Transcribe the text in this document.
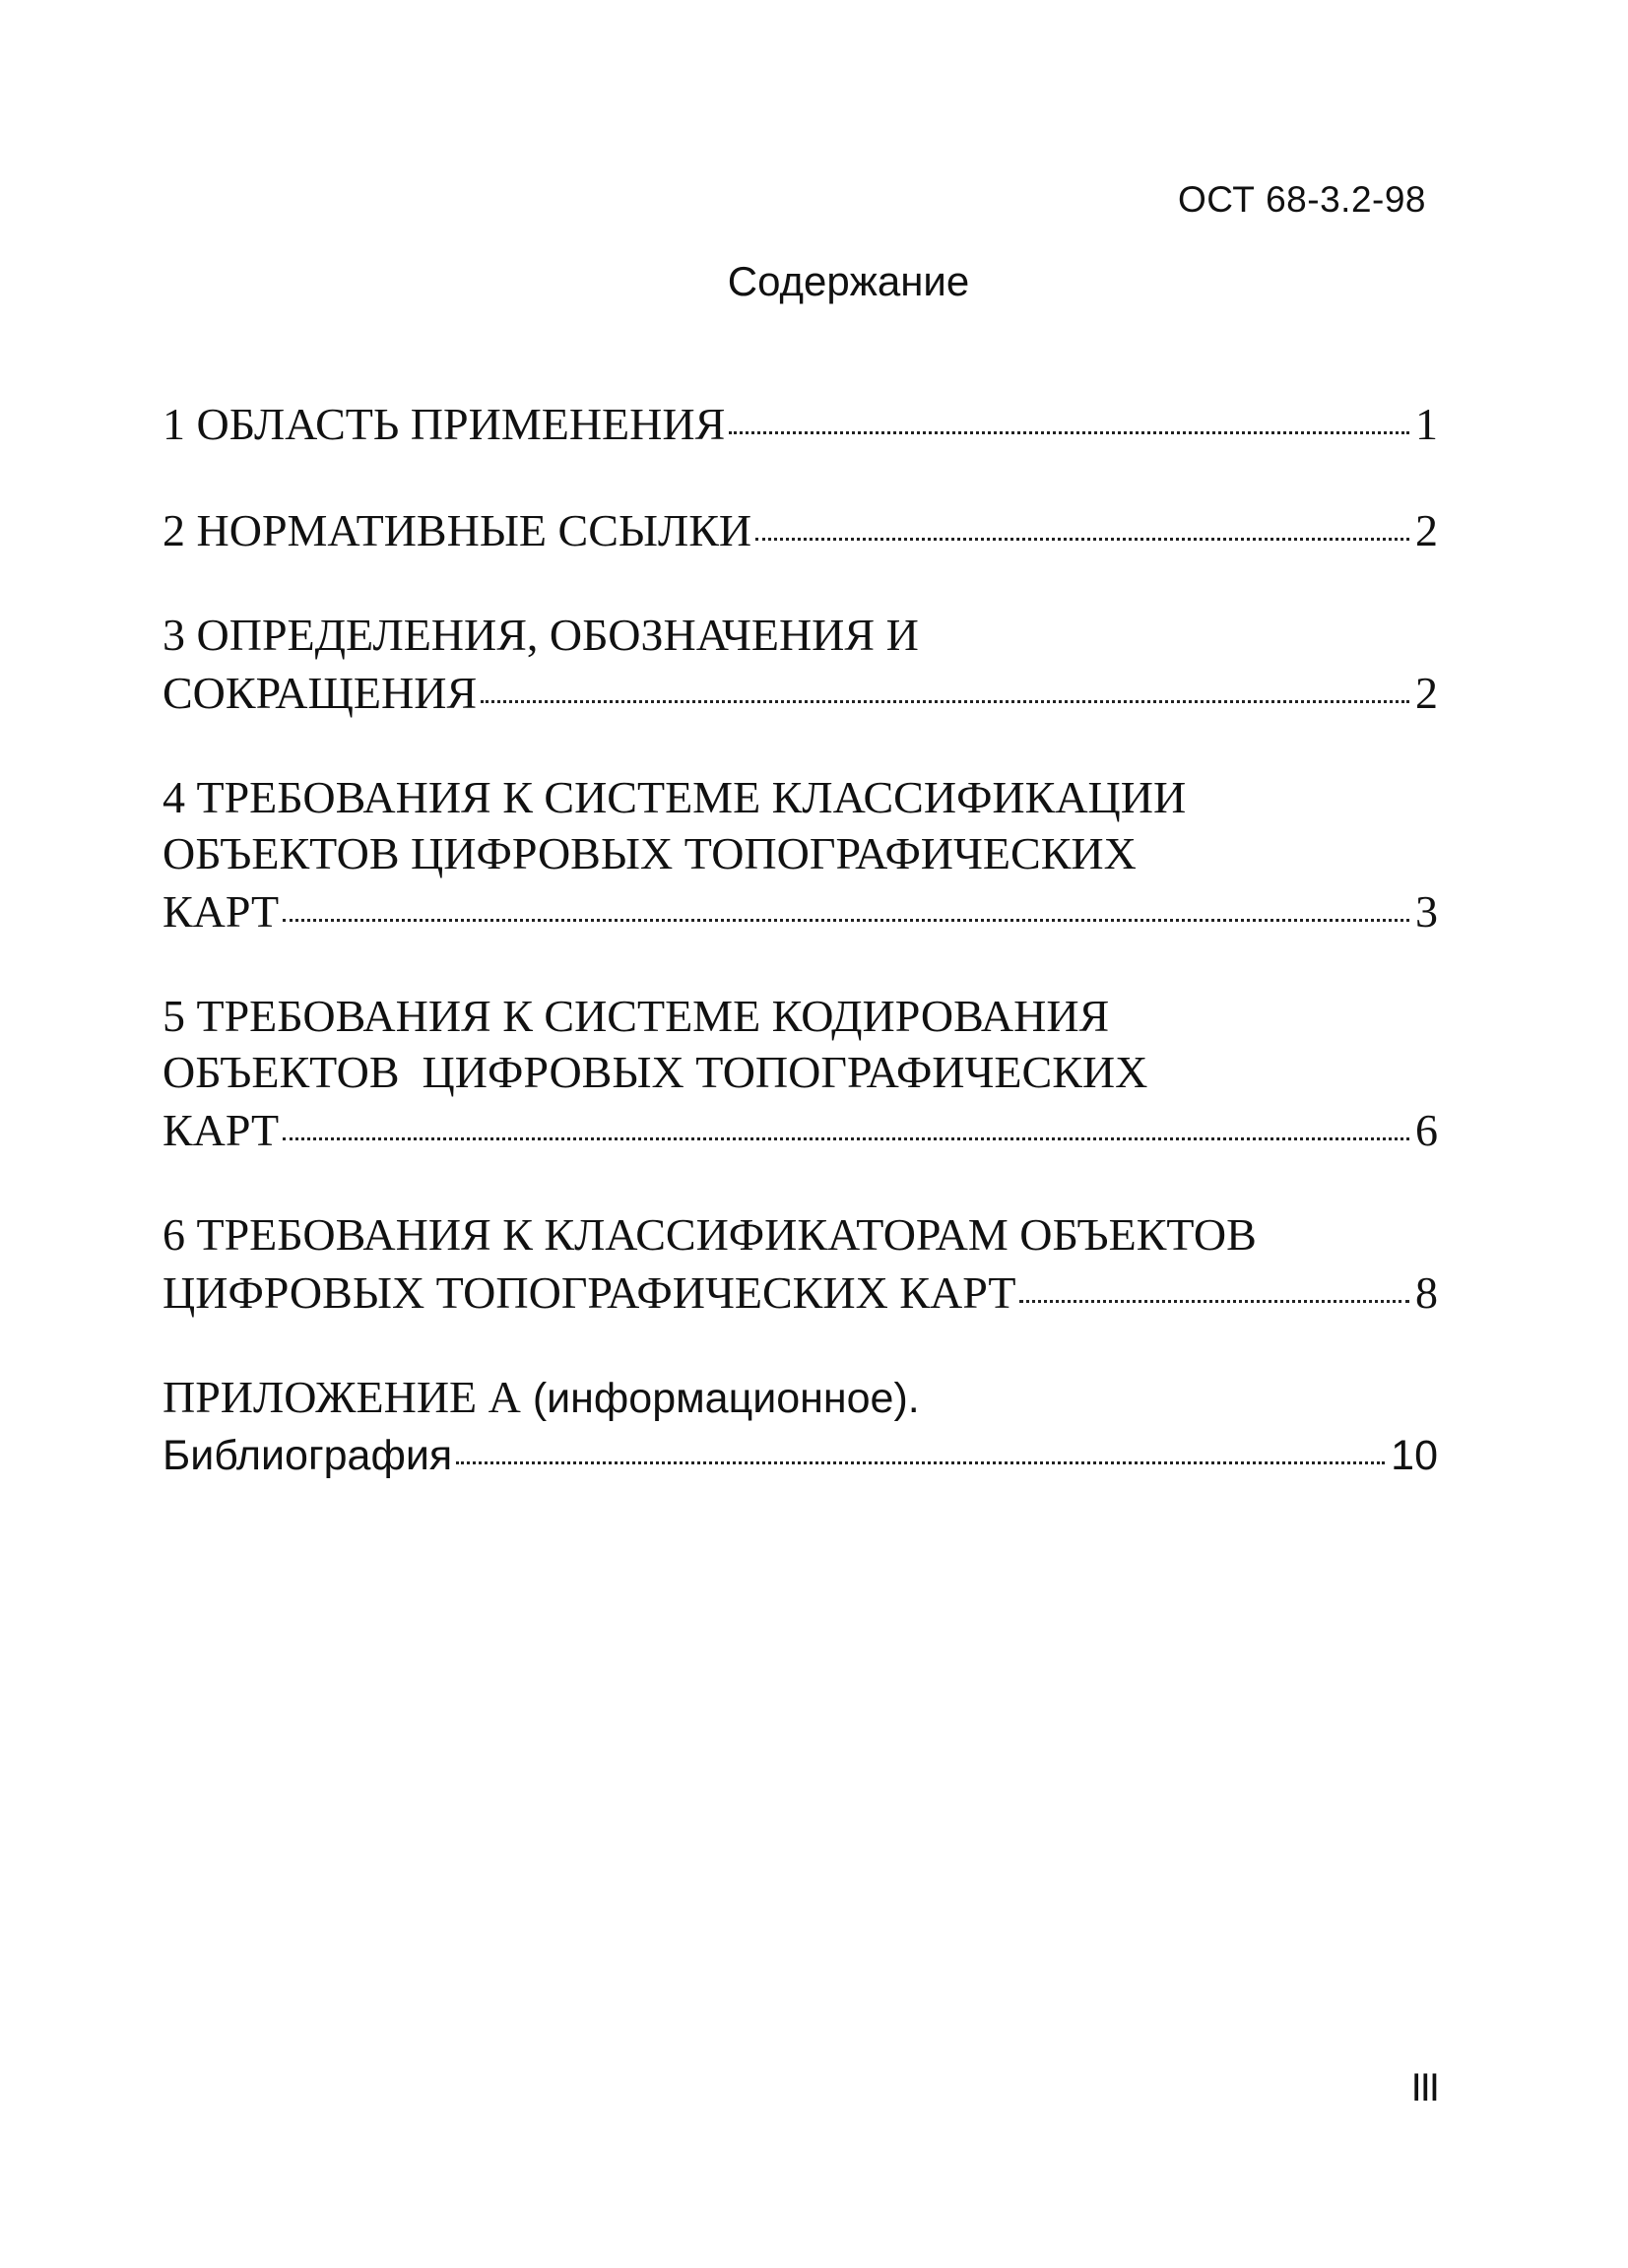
ОСТ 68-3.2-98
Содержание
1 ОБЛАСТЬ ПРИМЕНЕНИЯ	1
2 НОРМАТИВНЫЕ ССЫЛКИ	2
3 ОПРЕДЕЛЕНИЯ, ОБОЗНАЧЕНИЯ И
СОКРАЩЕНИЯ	2
4 ТРЕБОВАНИЯ К СИСТЕМЕ КЛАССИФИКАЦИИ
ОБЪЕКТОВ ЦИФРОВЫХ ТОПОГРАФИЧЕСКИХ
КАРТ	3
5 ТРЕБОВАНИЯ К СИСТЕМЕ КОДИРОВАНИЯ
ОБЪЕКТОВ  ЦИФРОВЫХ ТОПОГРАФИЧЕСКИХ
КАРТ	6
6 ТРЕБОВАНИЯ К КЛАССИФИКАТОРАМ ОБЪЕКТОВ
ЦИФРОВЫХ ТОПОГРАФИЧЕСКИХ КАРТ	8
ПРИЛОЖЕНИЕ А (информационное).
Библиография	10
III
